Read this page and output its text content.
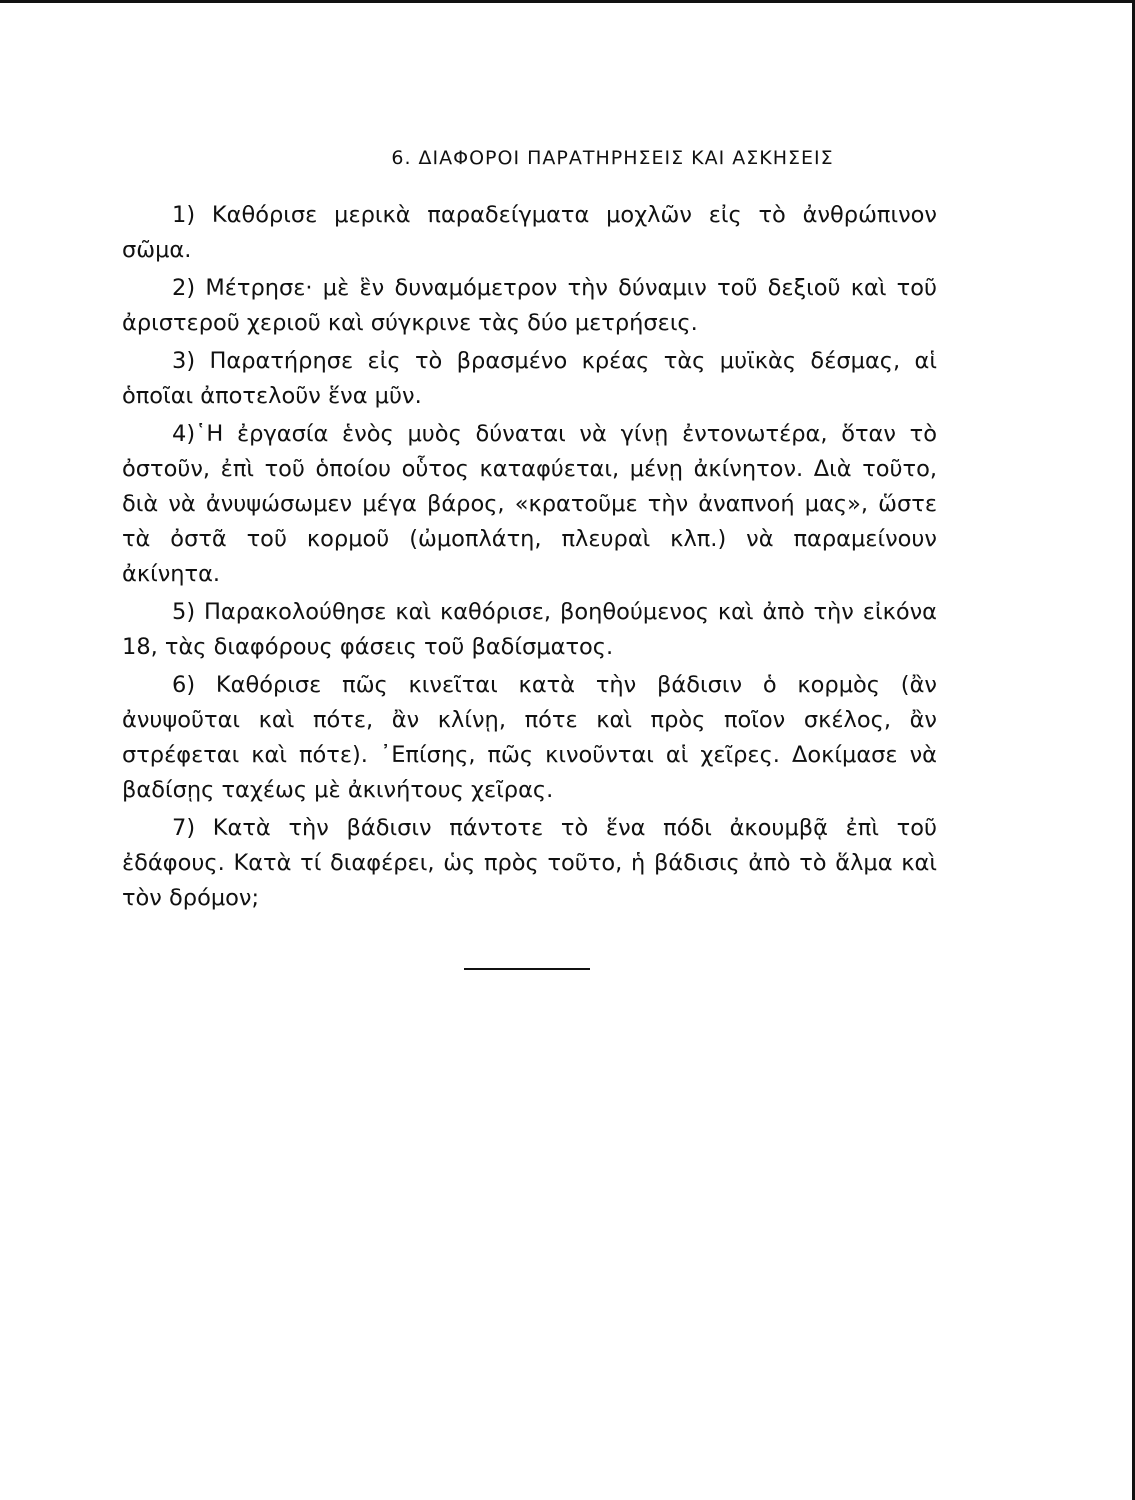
6. ΔΙΑΦΟΡΟΙ ΠΑΡΑΤΗΡΗΣΕΙΣ ΚΑΙ ΑΣΚΗΣΕΙΣ

1) Καθόρισε μερικὰ παραδείγματα μοχλῶν εἰς τὸ ἀνθρώπινον σῶμα.

2) Μέτρησε· μὲ ἓν δυναμόμετρον τὴν δύναμιν τοῦ δεξιοῦ καὶ τοῦ ἀριστεροῦ χεριοῦ καὶ σύγκρινε τὰς δύο μετρήσεις.

3) Παρατήρησε εἰς τὸ βρασμένο κρέας τὰς μυϊκὰς δέσμας, αἱ ὁποῖαι ἀποτελοῦν ἕνα μῦν.

4)῾Η ἐργασία ἑνὸς μυὸς δύναται νὰ γίνῃ ἐντονωτέρα, ὅταν τὸ ὀστοῦν, ἐπὶ τοῦ ὁποίου οὗτος καταφύεται, μένῃ ἀκίνητον. Διὰ τοῦτο, διὰ νὰ ἀνυψώσωμεν μέγα βάρος, «κρατοῦμε τὴν ἀναπνοή μας», ὥστε τὰ ὀστᾶ τοῦ κορμοῦ (ὠμοπλάτη, πλευραὶ κλπ.) νὰ παραμείνουν ἀκίνητα.

5) Παρακολούθησε καὶ καθόρισε, βοηθούμενος καὶ ἀπὸ τὴν εἰκόνα 18, τὰς διαφόρους φάσεις τοῦ βαδίσματος.

6) Καθόρισε πῶς κινεῖται κατὰ τὴν βάδισιν ὁ κορμὸς (ἂν ἀνυψοῦται καὶ πότε, ἂν κλίνῃ, πότε καὶ πρὸς ποῖον σκέλος, ἂν στρέφεται καὶ πότε). ᾿Επίσης, πῶς κινοῦνται αἱ χεῖρες. Δοκίμασε νὰ βαδίσῃς ταχέως μὲ ἀκινήτους χεῖρας.

7) Κατὰ τὴν βάδισιν πάντοτε τὸ ἕνα πόδι ἀκουμβᾷ ἐπὶ τοῦ ἐδάφους. Κατὰ τί διαφέρει, ὡς πρὸς τοῦτο, ἡ βάδισις ἀπὸ τὸ ἅλμα καὶ τὸν δρόμον;
